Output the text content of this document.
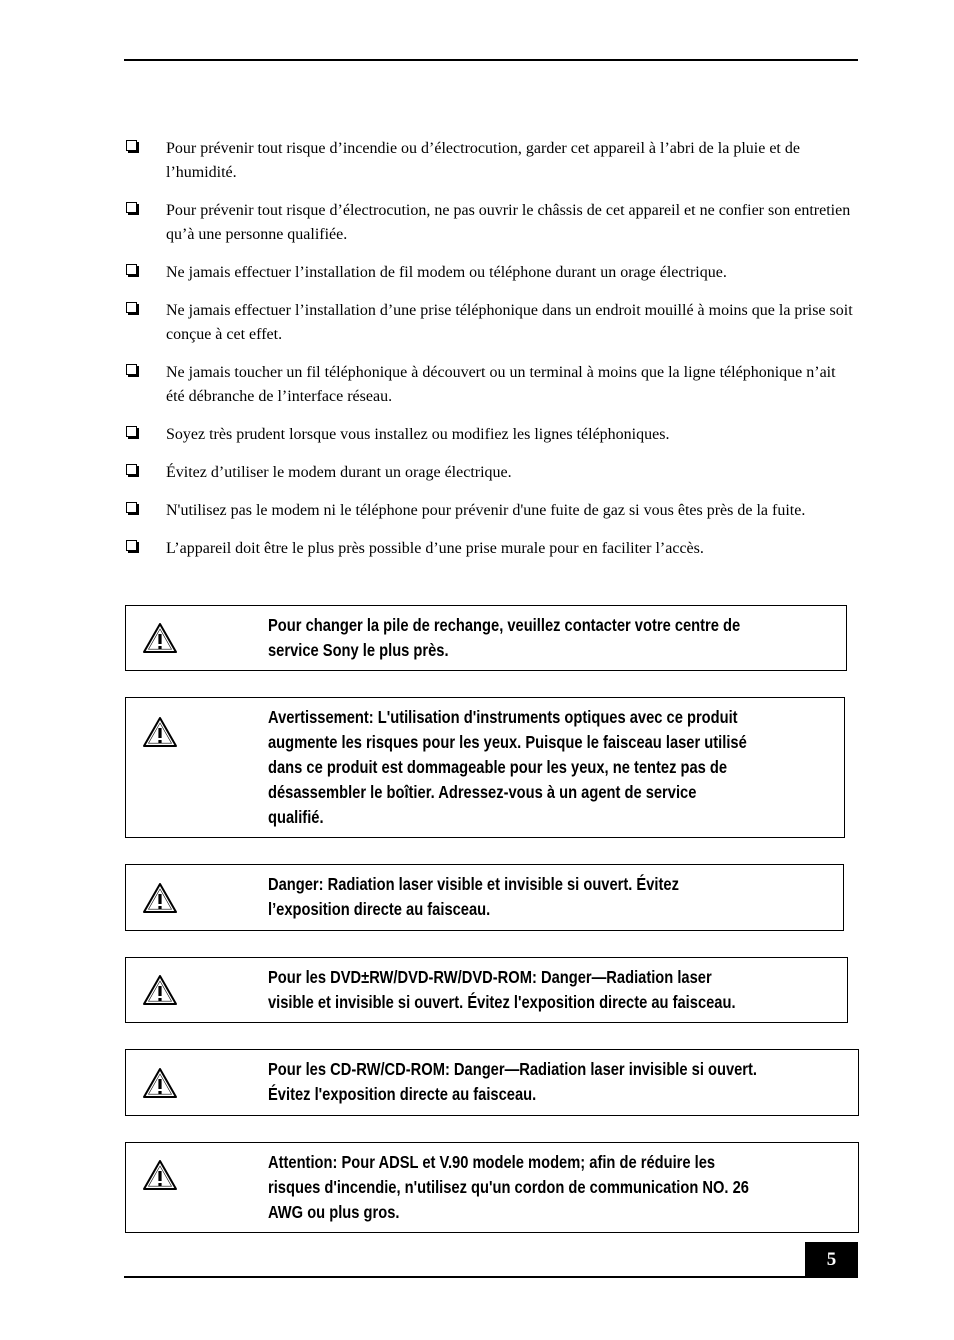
Pour prévenir tout risque d’incendie ou d’électrocution, garder cet appareil à l’abri de la pluie et de l’humidité.
Pour prévenir tout risque d’électrocution, ne pas ouvrir le châssis de cet appareil et ne confier son entretien qu’à une personne qualifiée.
Ne jamais effectuer l’installation de fil modem ou téléphone durant un orage électrique.
Ne jamais effectuer l’installation d’une prise téléphonique dans un endroit mouillé à moins que la prise soit conçue à cet effet.
Ne jamais toucher un fil téléphonique à découvert ou un terminal à moins que la ligne téléphonique n’ait été débranche de l’interface réseau.
Soyez très prudent lorsque vous installez ou modifiez les lignes téléphoniques.
Évitez d’utiliser le modem durant un orage électrique.
N'utilisez pas le modem ni le téléphone pour prévenir d'une fuite de gaz si vous êtes près de la fuite.
L’appareil doit être le plus près possible d’une prise murale pour en faciliter l’accès.
Pour changer la pile de rechange, veuillez contacter votre centre de
service Sony le plus près.
Avertissement: L'utilisation d'instruments optiques avec ce produit
augmente les risques pour les yeux. Puisque le faisceau laser utilisé
dans ce produit est dommageable pour les yeux, ne tentez pas de
désassembler le boîtier. Adressez-vous à un agent de service
qualifié.
Danger: Radiation laser visible et invisible si ouvert. Évitez
l’exposition directe au faisceau.
Pour les DVD±RW/DVD-RW/DVD-ROM: Danger—Radiation laser
visible et invisible si ouvert. Évitez l'exposition directe au faisceau.
Pour les CD-RW/CD-ROM: Danger—Radiation laser invisible si ouvert.
Évitez l'exposition directe au faisceau.
Attention: Pour ADSL et V.90 modele modem; afin de réduire les
risques d'incendie, n'utilisez qu'un cordon de communication NO. 26
AWG ou plus gros.
5
